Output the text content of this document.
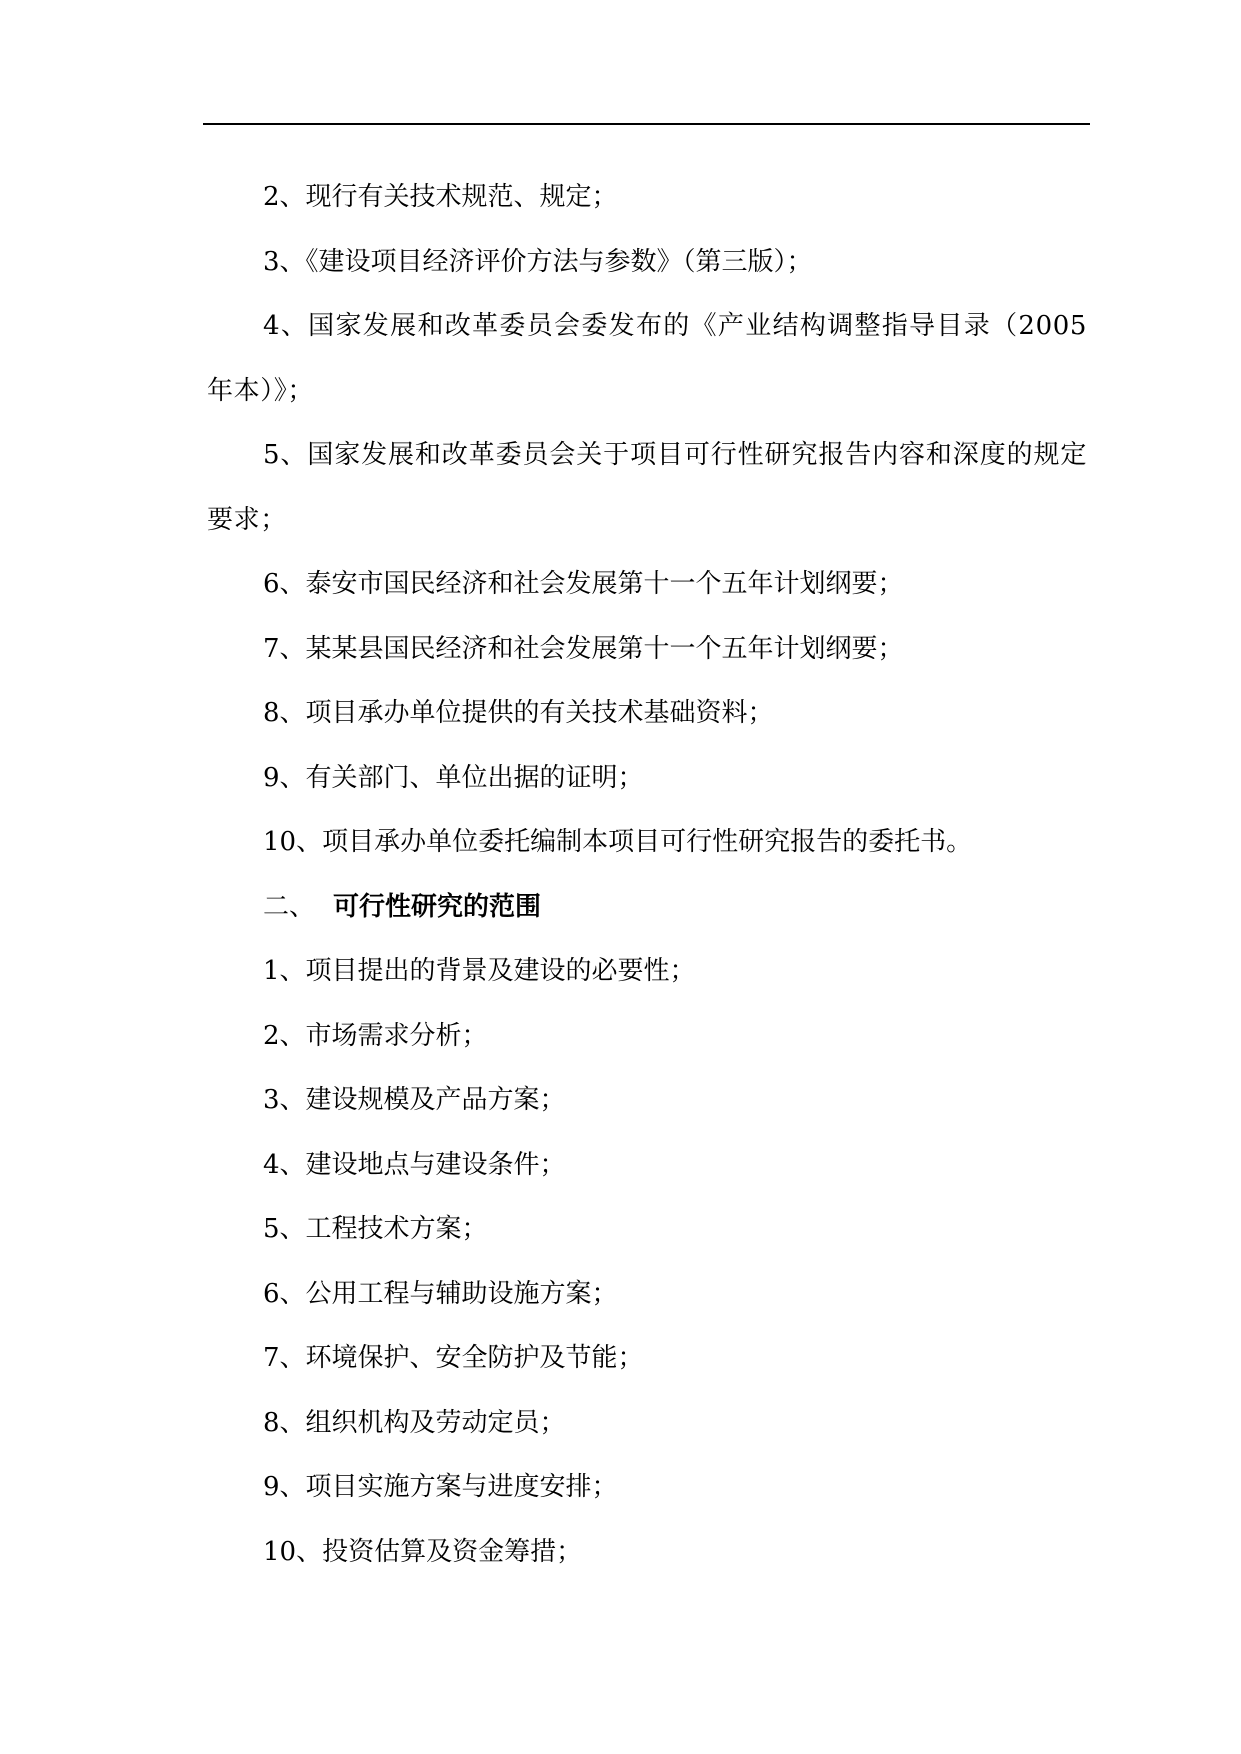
2、现行有关技术规范、规定；

3、《建设项目经济评价方法与参数》（第三版）；

4、国家发展和改革委员会委发布的《产业结构调整指导目录（2005年本）》；

5、国家发展和改革委员会关于项目可行性研究报告内容和深度的规定要求；

6、泰安市国民经济和社会发展第十一个五年计划纲要；

7、某某县国民经济和社会发展第十一个五年计划纲要；

8、项目承办单位提供的有关技术基础资料；

9、有关部门、单位出据的证明；

10、项目承办单位委托编制本项目可行性研究报告的委托书。

二、 可行性研究的范围

1、项目提出的背景及建设的必要性；

2、市场需求分析；

3、建设规模及产品方案；

4、建设地点与建设条件；

5、工程技术方案；

6、公用工程与辅助设施方案；

7、环境保护、安全防护及节能；

8、组织机构及劳动定员；

9、项目实施方案与进度安排；

10、投资估算及资金筹措；
